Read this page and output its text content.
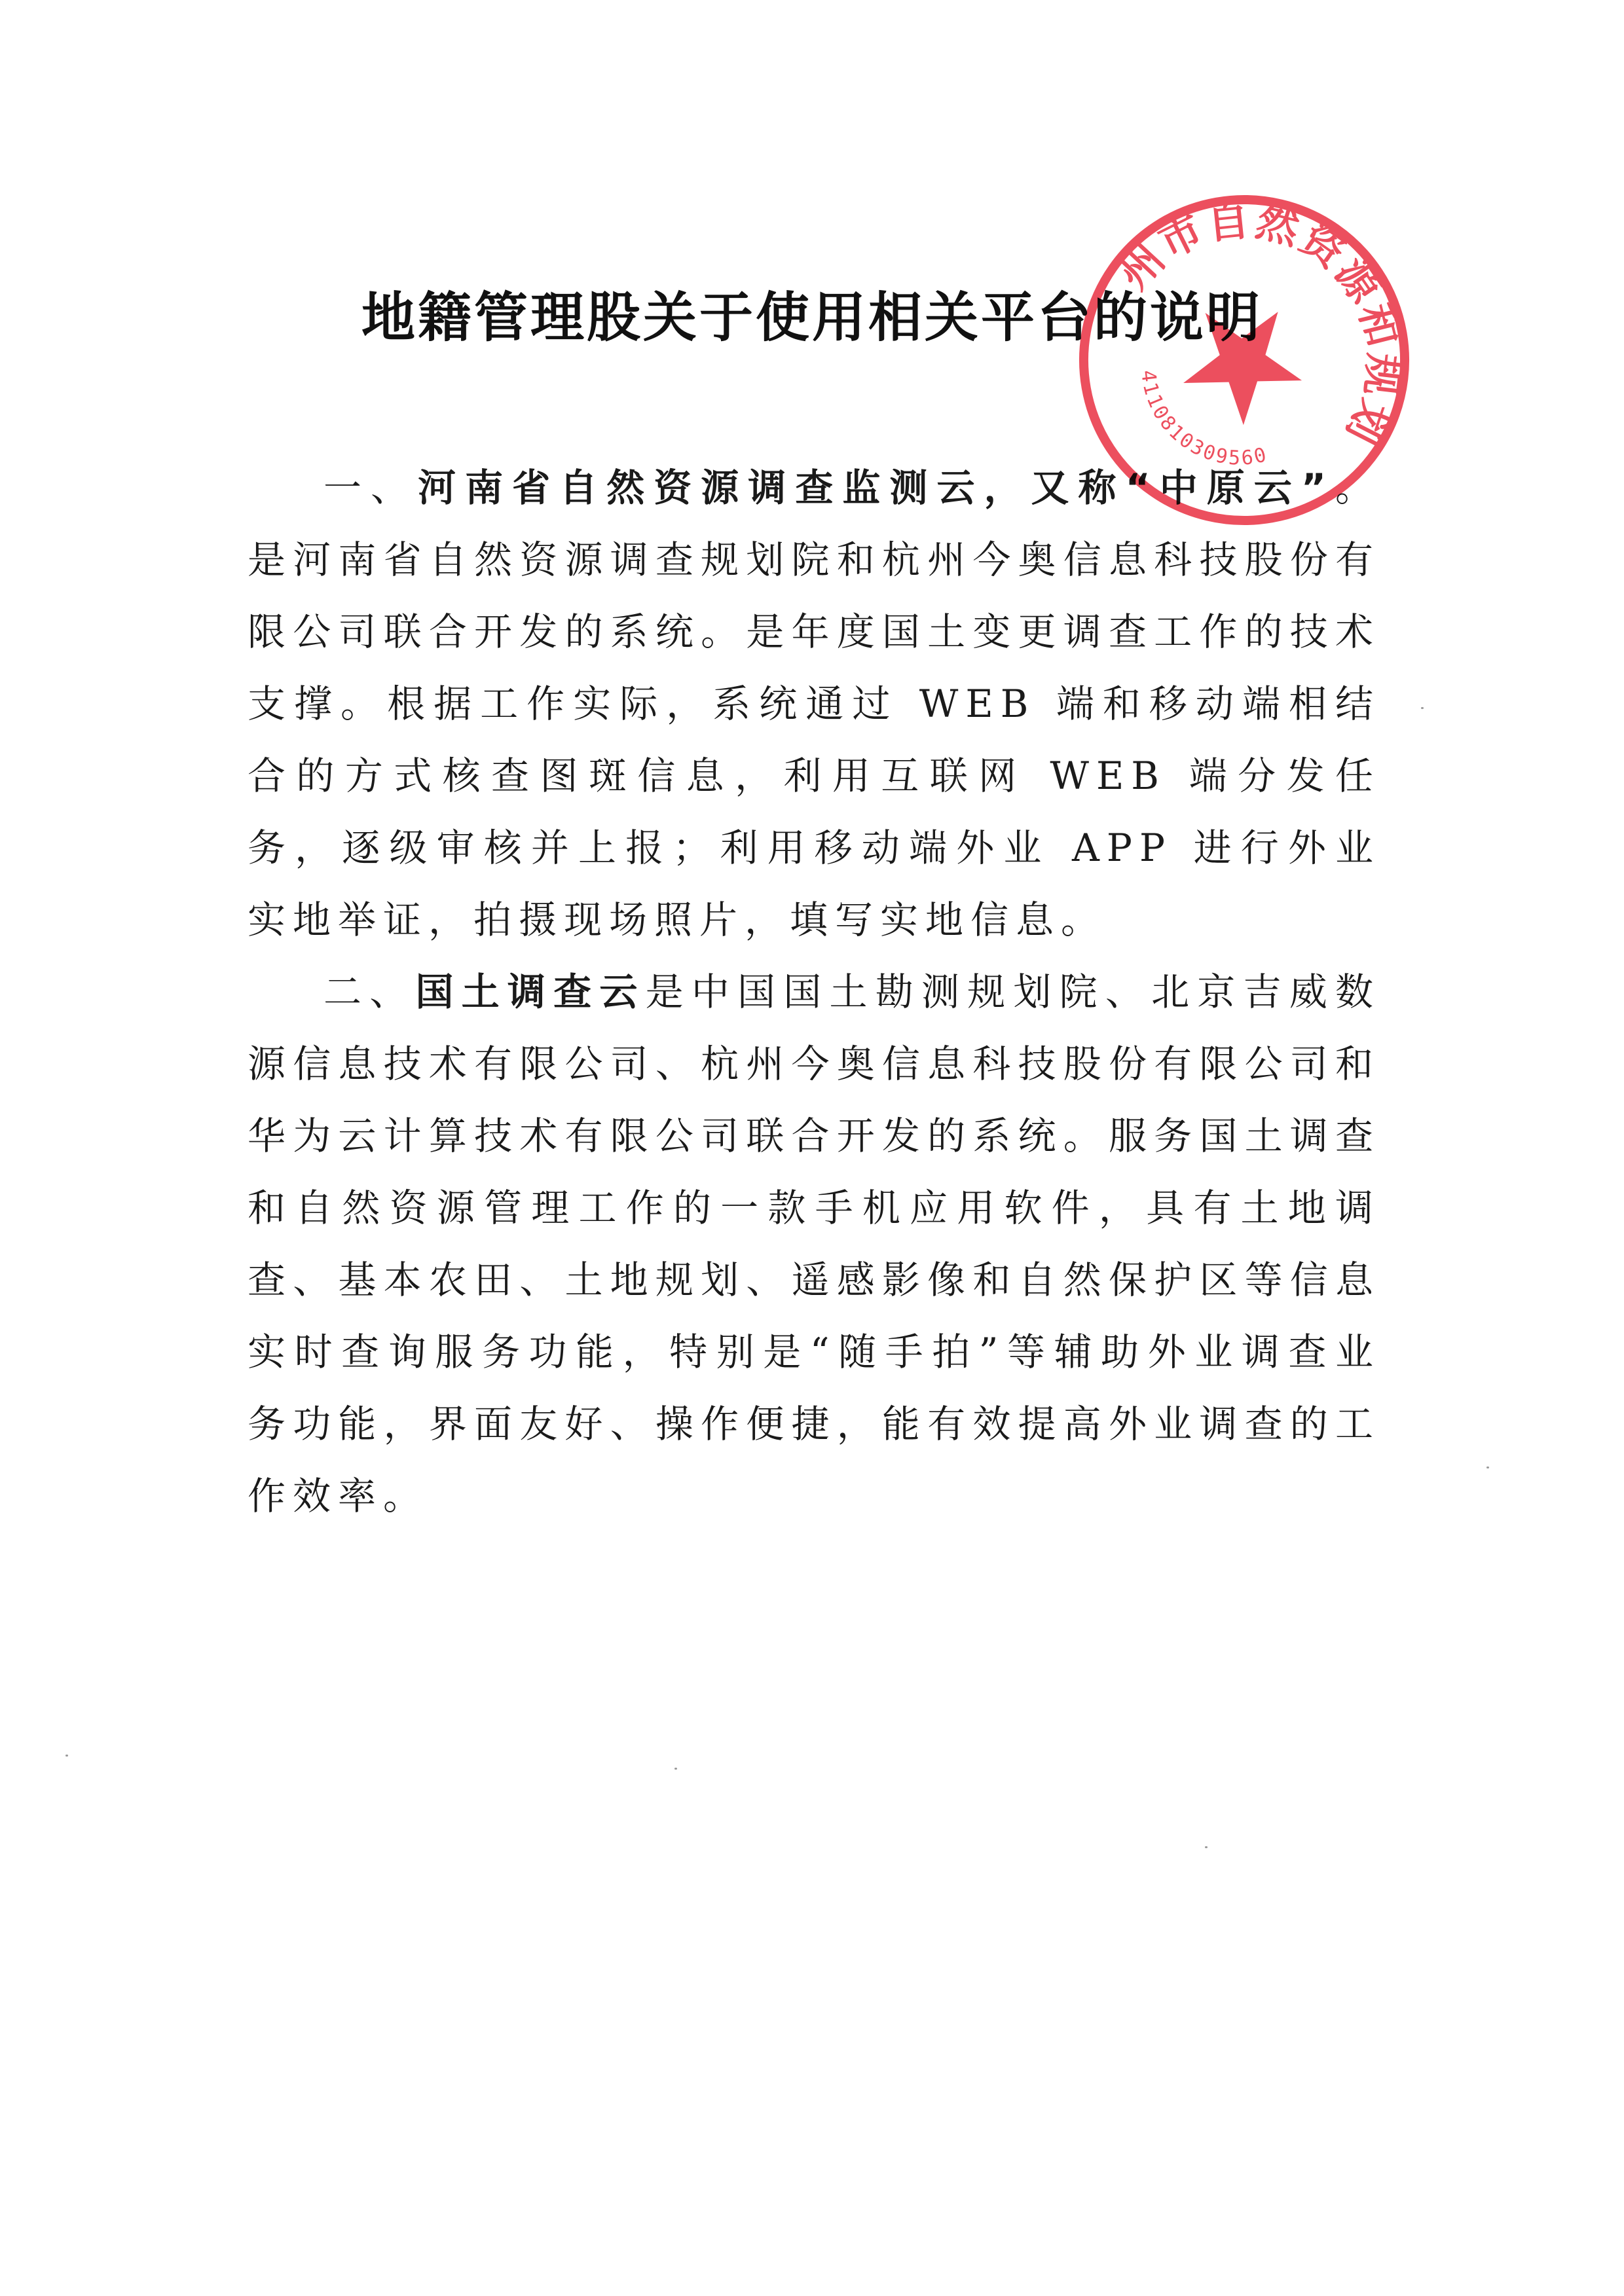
地籍管理股关于使用相关平台的说明

一、河南省自然资源调查监测云，又称“中原云”。是河南省自然资源调查规划院和杭州今奥信息科技股份有限公司联合开发的系统。是年度国土变更调查工作的技术支撑。根据工作实际，系统通过 WEB 端和移动端相结合的方式核查图斑信息，利用互联网 WEB 端分发任务，逐级审核并上报；利用移动端外业 APP 进行外业 实地举证，拍摄现场照片，填写实地信息。

二、国土调查云是中国国土勘测规划院、北京吉威数源信息技术有限公司、杭州今奥信息科技股份有限公司和华为云计算技术有限公司联合开发的系统。服务国土调查和自然资源管理工作的一款手机应用软件，具有土地调查、基本农田、土地规划、遥感影像和自然保护区等信息实时查询服务功能，特别是“随手拍”等辅助外业调查业务功能，界面友好、操作便捷，能有效提高外业调查的工作效率。

禹州市自然资源和规划局
4110810309560
